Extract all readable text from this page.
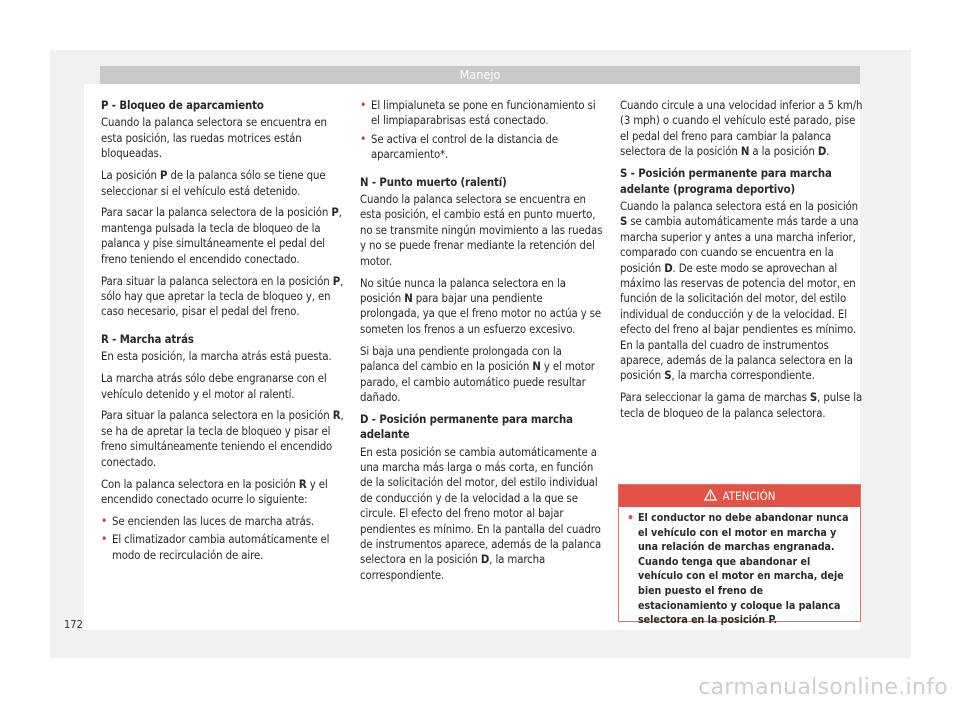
Manejo

P - Bloqueo de aparcamiento

Cuando la palanca selectora se encuentra en esta posición, las ruedas motrices están bloqueadas.

La posición P de la palanca sólo se tiene que seleccionar si el vehículo está detenido.

Para sacar la palanca selectora de la posición P, mantenga pulsada la tecla de bloqueo de la palanca y pise simultáneamente el pedal del freno teniendo el encendido conectado.

Para situar la palanca selectora en la posición P, sólo hay que apretar la tecla de bloqueo y, en caso necesario, pisar el pedal del freno.

R - Marcha atrás

En esta posición, la marcha atrás está puesta.

La marcha atrás sólo debe engranarse con el vehículo detenido y el motor al ralentí.

Para situar la palanca selectora en la posición R, se ha de apretar la tecla de bloqueo y pisar el freno simultáneamente teniendo el encendido conectado.

Con la palanca selectora en la posición R y el encendido conectado ocurre lo siguiente:

• Se encienden las luces de marcha atrás.
• El climatizador cambia automáticamente el modo de recirculación de aire.
• El limpialuneta se pone en funcionamiento si el limpiaparabrisas está conectado.
• Se activa el control de la distancia de aparcamiento*.

N - Punto muerto (ralentí)

Cuando la palanca selectora se encuentra en esta posición, el cambio está en punto muerto, no se transmite ningún movimiento a las ruedas y no se puede frenar mediante la retención del motor.

No sitúe nunca la palanca selectora en la posición N para bajar una pendiente prolongada, ya que el freno motor no actúa y se someten los frenos a un esfuerzo excesivo.

Si baja una pendiente prolongada con la palanca del cambio en la posición N y el motor parado, el cambio automático puede resultar dañado.

D - Posición permanente para marcha adelante

En esta posición se cambia automáticamente a una marcha más larga o más corta, en función de la solicitación del motor, del estilo individual de conducción y de la velocidad a la que se circule. El efecto del freno motor al bajar pendientes es mínimo. En la pantalla del cuadro de instrumentos aparece, además de la palanca selectora en la posición D, la marcha correspondiente.

Cuando circule a una velocidad inferior a 5 km/h (3 mph) o cuando el vehículo esté parado, pise el pedal del freno para cambiar la palanca selectora de la posición N a la posición D.

S - Posición permanente para marcha adelante (programa deportivo)

Cuando la palanca selectora está en la posición S se cambia automáticamente más tarde a una marcha superior y antes a una marcha inferior, comparado con cuando se encuentra en la posición D. De este modo se aprovechan al máximo las reservas de potencia del motor, en función de la solicitación del motor, del estilo individual de conducción y de la velocidad. El efecto del freno al bajar pendientes es mínimo. En la pantalla del cuadro de instrumentos aparece, además de la palanca selectora en la posición S, la marcha correspondiente.

Para seleccionar la gama de marchas S, pulse la tecla de bloqueo de la palanca selectora.

ATENCIÓN
• El conductor no debe abandonar nunca el vehículo con el motor en marcha y una relación de marchas engranada. Cuando tenga que abandonar el vehículo con el motor en marcha, deje bien puesto el freno de estacionamiento y coloque la palanca selectora en la posición P.
172
carmanualsonline.info
